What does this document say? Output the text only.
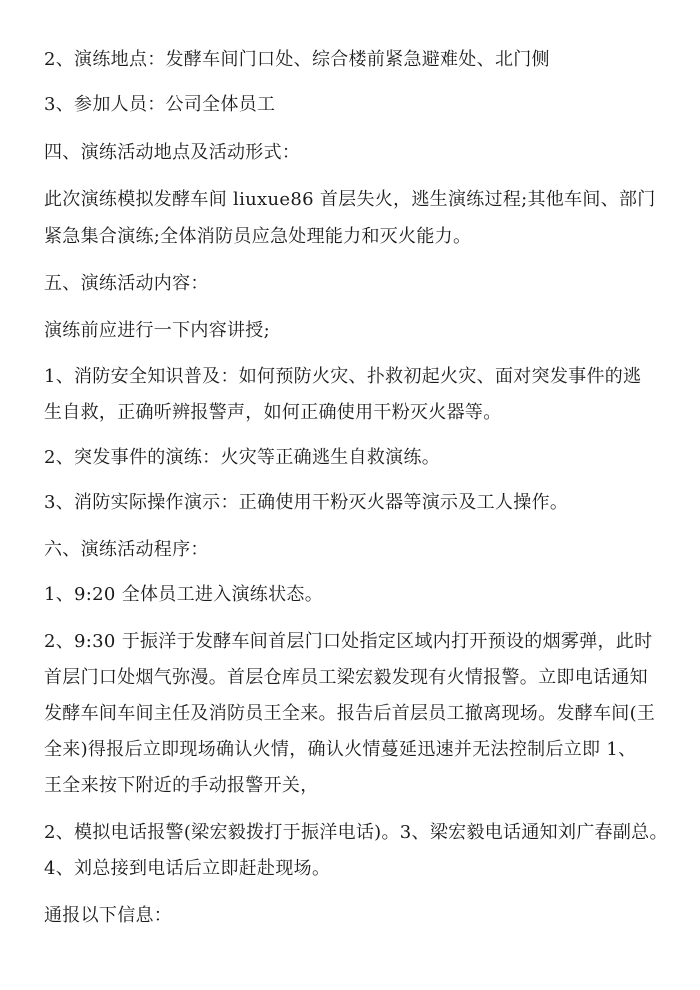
2、演练地点：发酵车间门口处、综合楼前紧急避难处、北门侧
3、参加人员：公司全体员工
四、演练活动地点及活动形式：
此次演练模拟发酵车间 liuxue86 首层失火，逃生演练过程;其他车间、部门
紧急集合演练;全体消防员应急处理能力和灭火能力。
五、演练活动内容：
演练前应进行一下内容讲授;
1、消防安全知识普及：如何预防火灾、扑救初起火灾、面对突发事件的逃
生自救，正确听辨报警声，如何正确使用干粉灭火器等。
2、突发事件的演练：火灾等正确逃生自救演练。
3、消防实际操作演示：正确使用干粉灭火器等演示及工人操作。
六、演练活动程序：
1、9:20 全体员工进入演练状态。
2、9:30 于振洋于发酵车间首层门口处指定区域内打开预设的烟雾弹，此时
首层门口处烟气弥漫。首层仓库员工梁宏毅发现有火情报警。立即电话通知
发酵车间车间主任及消防员王全来。报告后首层员工撤离现场。发酵车间(王
全来)得报后立即现场确认火情，确认火情蔓延迅速并无法控制后立即 1、
王全来按下附近的手动报警开关，
2、模拟电话报警(梁宏毅拨打于振洋电话)。3、梁宏毅电话通知刘广春副总。
4、刘总接到电话后立即赶赴现场。
通报以下信息：
